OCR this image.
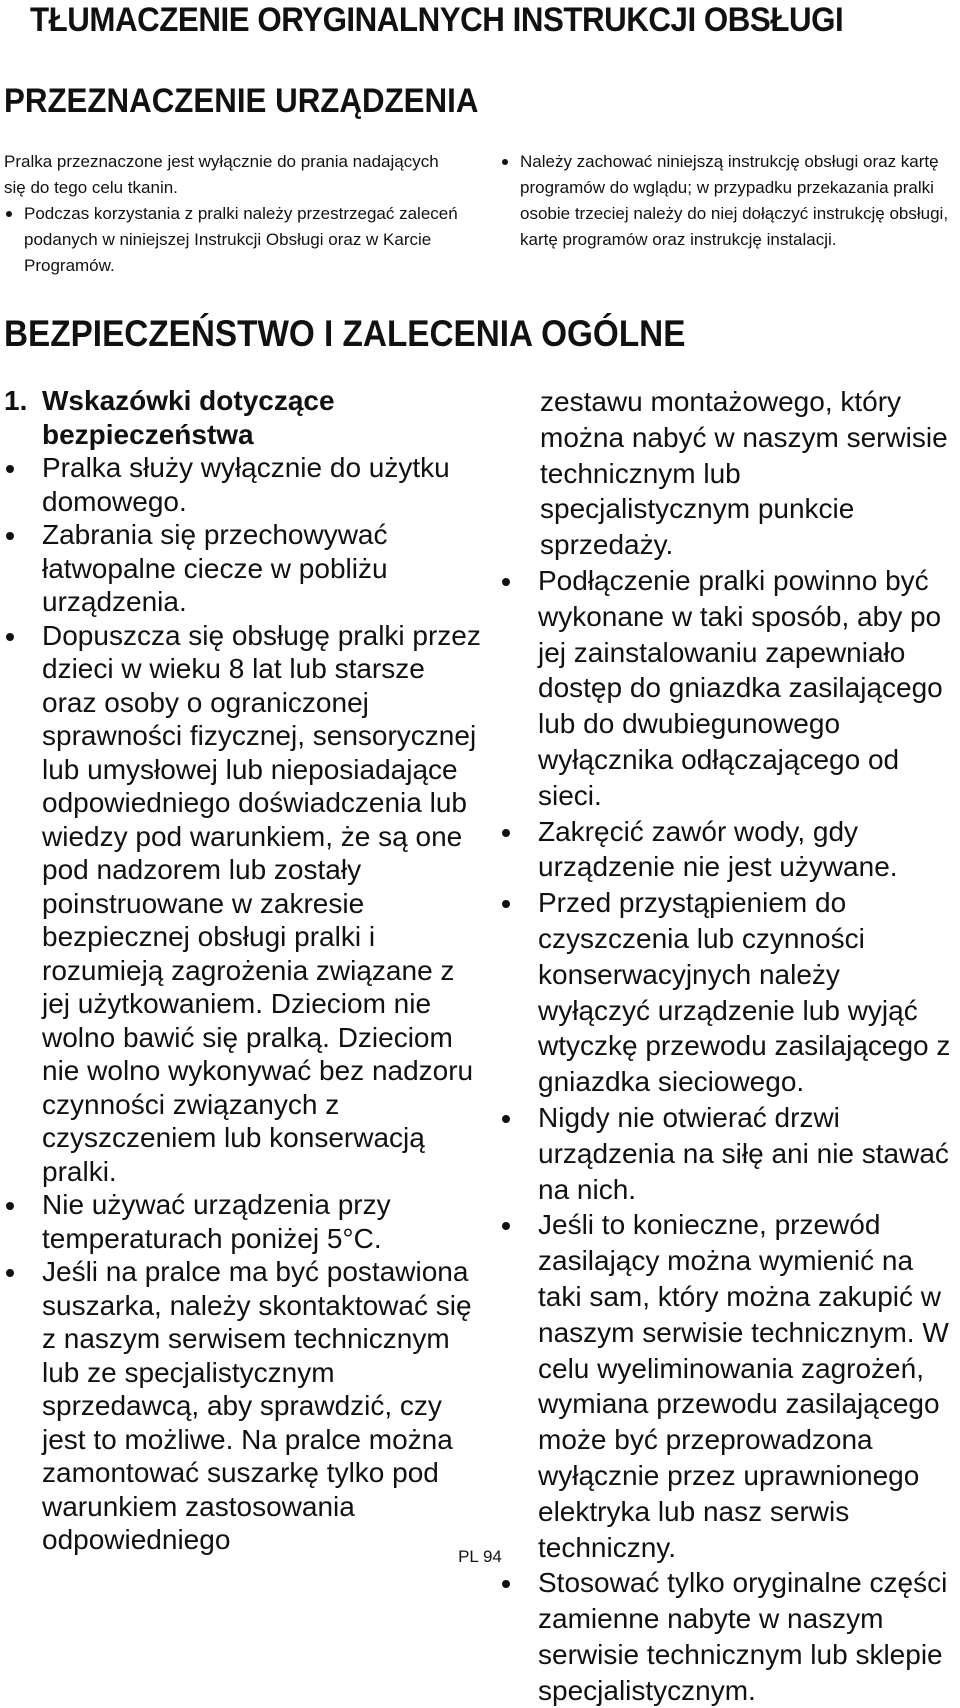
TŁUMACZENIE ORYGINALNYCH INSTRUKCJI OBSŁUGI
PRZEZNACZENIE URZĄDZENIA

Pralka przeznaczone jest wyłącznie do prania nadających się do tego celu tkanin.

Podczas korzystania z pralki należy przestrzegać zaleceń podanych w niniejszej Instrukcji Obsługi oraz w Karcie Programów.

Należy zachować niniejszą instrukcję obsługi oraz kartę programów do wglądu; w przypadku przekazania pralki osobie trzeciej należy do niej dołączyć instrukcję obsługi, kartę programów oraz instrukcję instalacji.

BEZPIECZEŃSTWO I ZALECENIA OGÓLNE
1. Wskazówki dotyczące bezpieczeństwa

Pralka służy wyłącznie do użytku domowego.

Zabrania się przechowywać łatwopalne ciecze w pobliżu urządzenia.

Dopuszcza się obsługę pralki przez dzieci w wieku 8 lat lub starsze oraz osoby o ograniczonej sprawności fizycznej, sensorycznej lub umysłowej lub nieposiadające odpowiedniego doświadczenia lub wiedzy pod warunkiem, że są one pod nadzorem lub zostały poinstruowane w zakresie bezpiecznej obsługi pralki i rozumieją zagrożenia związane z jej użytkowaniem. Dzieciom nie wolno bawić się pralką. Dzieciom nie wolno wykonywać bez nadzoru czynności związanych z czyszczeniem lub konserwacją pralki.

Nie używać urządzenia przy temperaturach poniżej 5°C.

Jeśli na pralce ma być postawiona suszarka, należy skontaktować się z naszym serwisem technicznym lub ze specjalistycznym sprzedawcą, aby sprawdzić, czy jest to możliwe. Na pralce można zamontować suszarkę tylko pod warunkiem zastosowania odpowiedniego

zestawu montażowego, który można nabyć w naszym serwisie technicznym lub specjalistycznym punkcie sprzedaży.

Podłączenie pralki powinno być wykonane w taki sposób, aby po jej zainstalowaniu zapewniało dostęp do gniazdka zasilającego lub do dwubiegunowego wyłącznika odłączającego od sieci.

Zakręcić zawór wody, gdy urządzenie nie jest używane.

Przed przystąpieniem do czyszczenia lub czynności konserwacyjnych należy wyłączyć urządzenie lub wyjąć wtyczkę przewodu zasilającego z gniazdka sieciowego.

Nigdy nie otwierać drzwi urządzenia na siłę ani nie stawać na nich.

Jeśli to konieczne, przewód zasilający można wymienić na taki sam, który można zakupić w naszym serwisie technicznym. W celu wyeliminowania zagrożeń, wymiana przewodu zasilającego może być przeprowadzona wyłącznie przez uprawnionego elektryka lub nasz serwis techniczny.

Stosować tylko oryginalne części zamienne nabyte w naszym serwisie technicznym lub sklepie specjalistycznym.

PL 94
